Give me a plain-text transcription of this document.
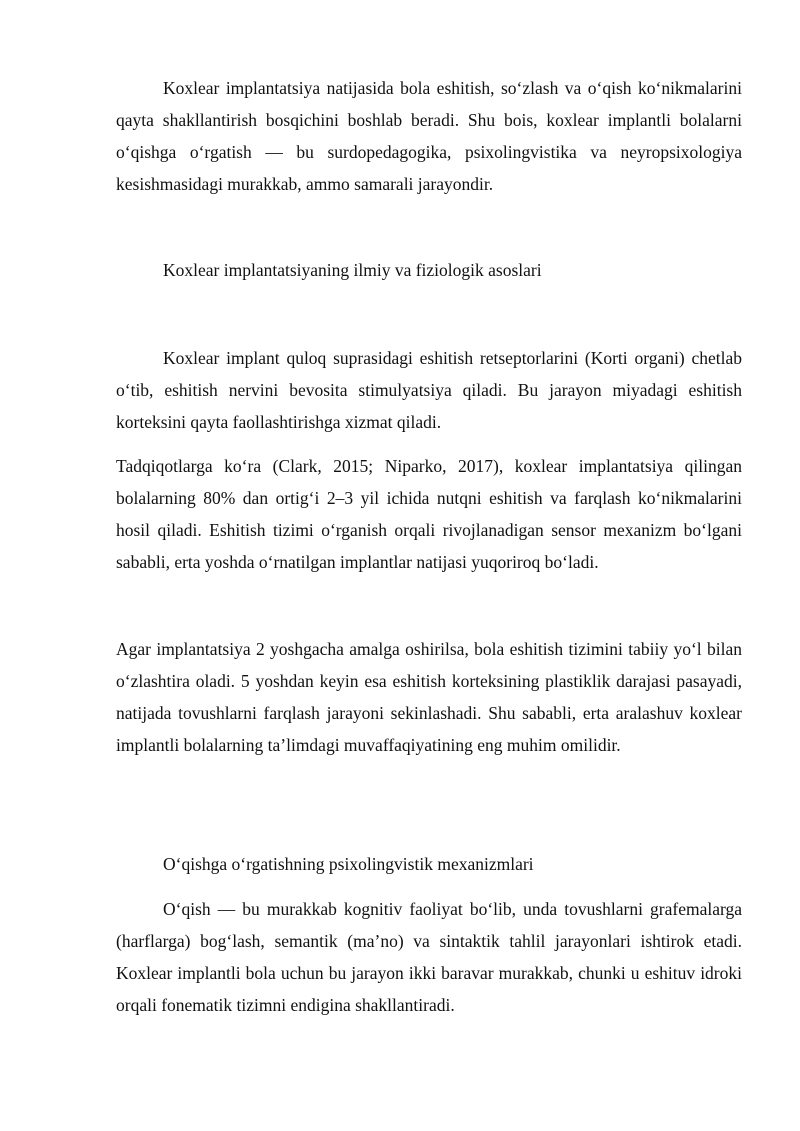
Koxlear implantatsiya natijasida bola eshitish, so‘zlash va o‘qish ko‘nikmalarini qayta shakllantirish bosqichini boshlab beradi. Shu bois, koxlear implantli bolalarni o‘qishga o‘rgatish — bu surdopedagogika, psixolingvistika va neyropsixologiya kesishmasidagi murakkab, ammo samarali jarayondir.

Koxlear implantatsiyaning ilmiy va fiziologik asoslari

Koxlear implant quloq suprasidagi eshitish retseptorlarini (Korti organi) chetlab o‘tib, eshitish nervini bevosita stimulyatsiya qiladi. Bu jarayon miyadagi eshitish korteksini qayta faollashtirishga xizmat qiladi.

Tadqiqotlarga ko‘ra (Clark, 2015; Niparko, 2017), koxlear implantatsiya qilingan bolalarning 80% dan ortig‘i 2–3 yil ichida nutqni eshitish va farqlash ko‘nikmalarini hosil qiladi. Eshitish tizimi o‘rganish orqali rivojlanadigan sensor mexanizm bo‘lgani sababli, erta yoshda o‘rnatilgan implantlar natijasi yuqoriroq bo‘ladi.

Agar implantatsiya 2 yoshgacha amalga oshirilsa, bola eshitish tizimini tabiiy yo‘l bilan o‘zlashtira oladi. 5 yoshdan keyin esa eshitish korteksining plastiklik darajasi pasayadi, natijada tovushlarni farqlash jarayoni sekinlashadi. Shu sababli, erta aralashuv koxlear implantli bolalarning ta’limdagi muvaffaqiyatining eng muhim omilidir.

O‘qishga o‘rgatishning psixolingvistik mexanizmlari

O‘qish — bu murakkab kognitiv faoliyat bo‘lib, unda tovushlarni grafemalarga (harflarga) bog‘lash, semantik (ma’no) va sintaktik tahlil jarayonlari ishtirok etadi. Koxlear implantli bola uchun bu jarayon ikki baravar murakkab, chunki u eshituv idroki orqali fonematik tizimni endigina shakllantiradi.
